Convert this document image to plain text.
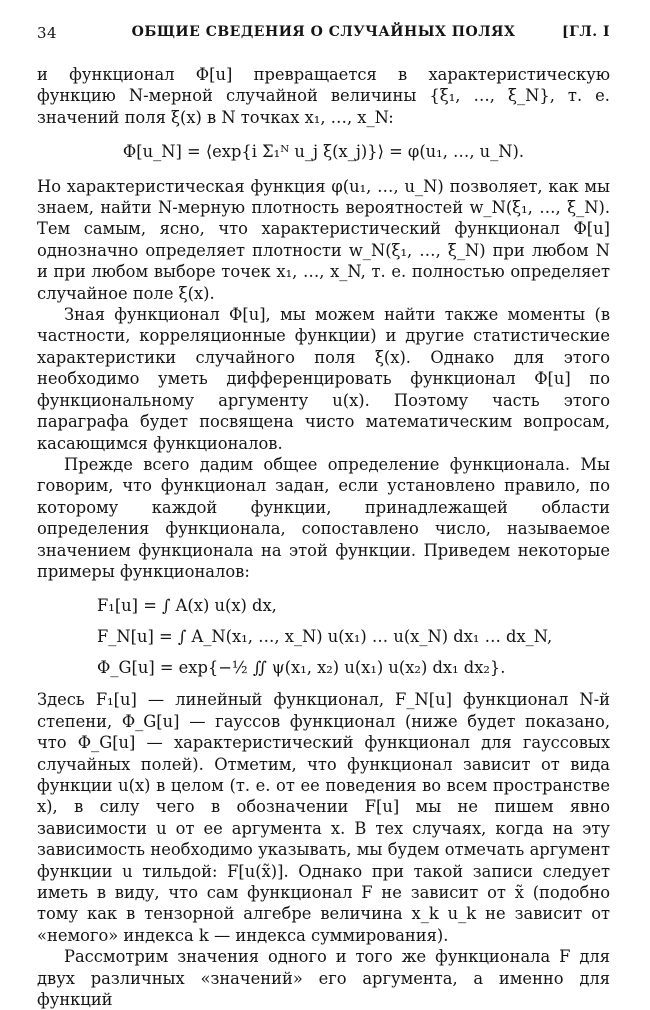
34	ОБЩИЕ СВЕДЕНИЯ О СЛУЧАЙНЫХ ПОЛЯХ	[ГЛ. I

и функционал Φ[u] превращается в характеристическую функцию N-мерной случайной величины {ξ₁, …, ξ_N}, т. е. значений поля ξ(x) в N точках x₁, …, x_N:

Φ[u_N] = ⟨exp{i Σ₁ᴺ u_j ξ(x_j)}⟩ = φ(u₁, …, u_N).

Но характеристическая функция φ(u₁, …, u_N) позволяет, как мы знаем, найти N-мерную плотность вероятностей w_N(ξ₁, …, ξ_N). Тем самым, ясно, что характеристический функционал Φ[u] однозначно определяет плотности w_N(ξ₁, …, ξ_N) при любом N и при любом выборе точек x₁, …, x_N, т. е. полностью определяет случайное поле ξ(x).

Зная функционал Φ[u], мы можем найти также моменты (в частности, корреляционные функции) и другие статистические характеристики случайного поля ξ(x). Однако для этого необходимо уметь дифференцировать функционал Φ[u] по функциональному аргументу u(x). Поэтому часть этого параграфа будет посвящена чисто математическим вопросам, касающимся функционалов.

Прежде всего дадим общее определение функционала. Мы говорим, что функционал задан, если установлено правило, по которому каждой функции, принадлежащей области определения функционала, сопоставлено число, называемое значением функционала на этой функции. Приведем некоторые примеры функционалов:

F₁[u] = ∫ A(x) u(x) dx,
F_N[u] = ∫ A_N(x₁, …, x_N) u(x₁) … u(x_N) dx₁ … dx_N,
Φ_G[u] = exp{−½ ∬ ψ(x₁, x₂) u(x₁) u(x₂) dx₁ dx₂}.

Здесь F₁[u] — линейный функционал, F_N[u] функционал N-й степени, Φ_G[u] — гауссов функционал (ниже будет показано, что Φ_G[u] — характеристический функционал для гауссовых случайных полей). Отметим, что функционал зависит от вида функции u(x) в целом (т. е. от ее поведения во всем пространстве x), в силу чего в обозначении F[u] мы не пишем явно зависимости u от ее аргумента x. В тех случаях, когда на эту зависимость необходимо указывать, мы будем отмечать аргумент функции u тильдой: F[u(x̃)]. Однако при такой записи следует иметь в виду, что сам функционал F не зависит от x̃ (подобно тому как в тензорной алгебре величина x_k u_k не зависит от «немого» индекса k — индекса суммирования).

Рассмотрим значения одного и того же функционала F для двух различных «значений» его аргумента, а именно для функций
